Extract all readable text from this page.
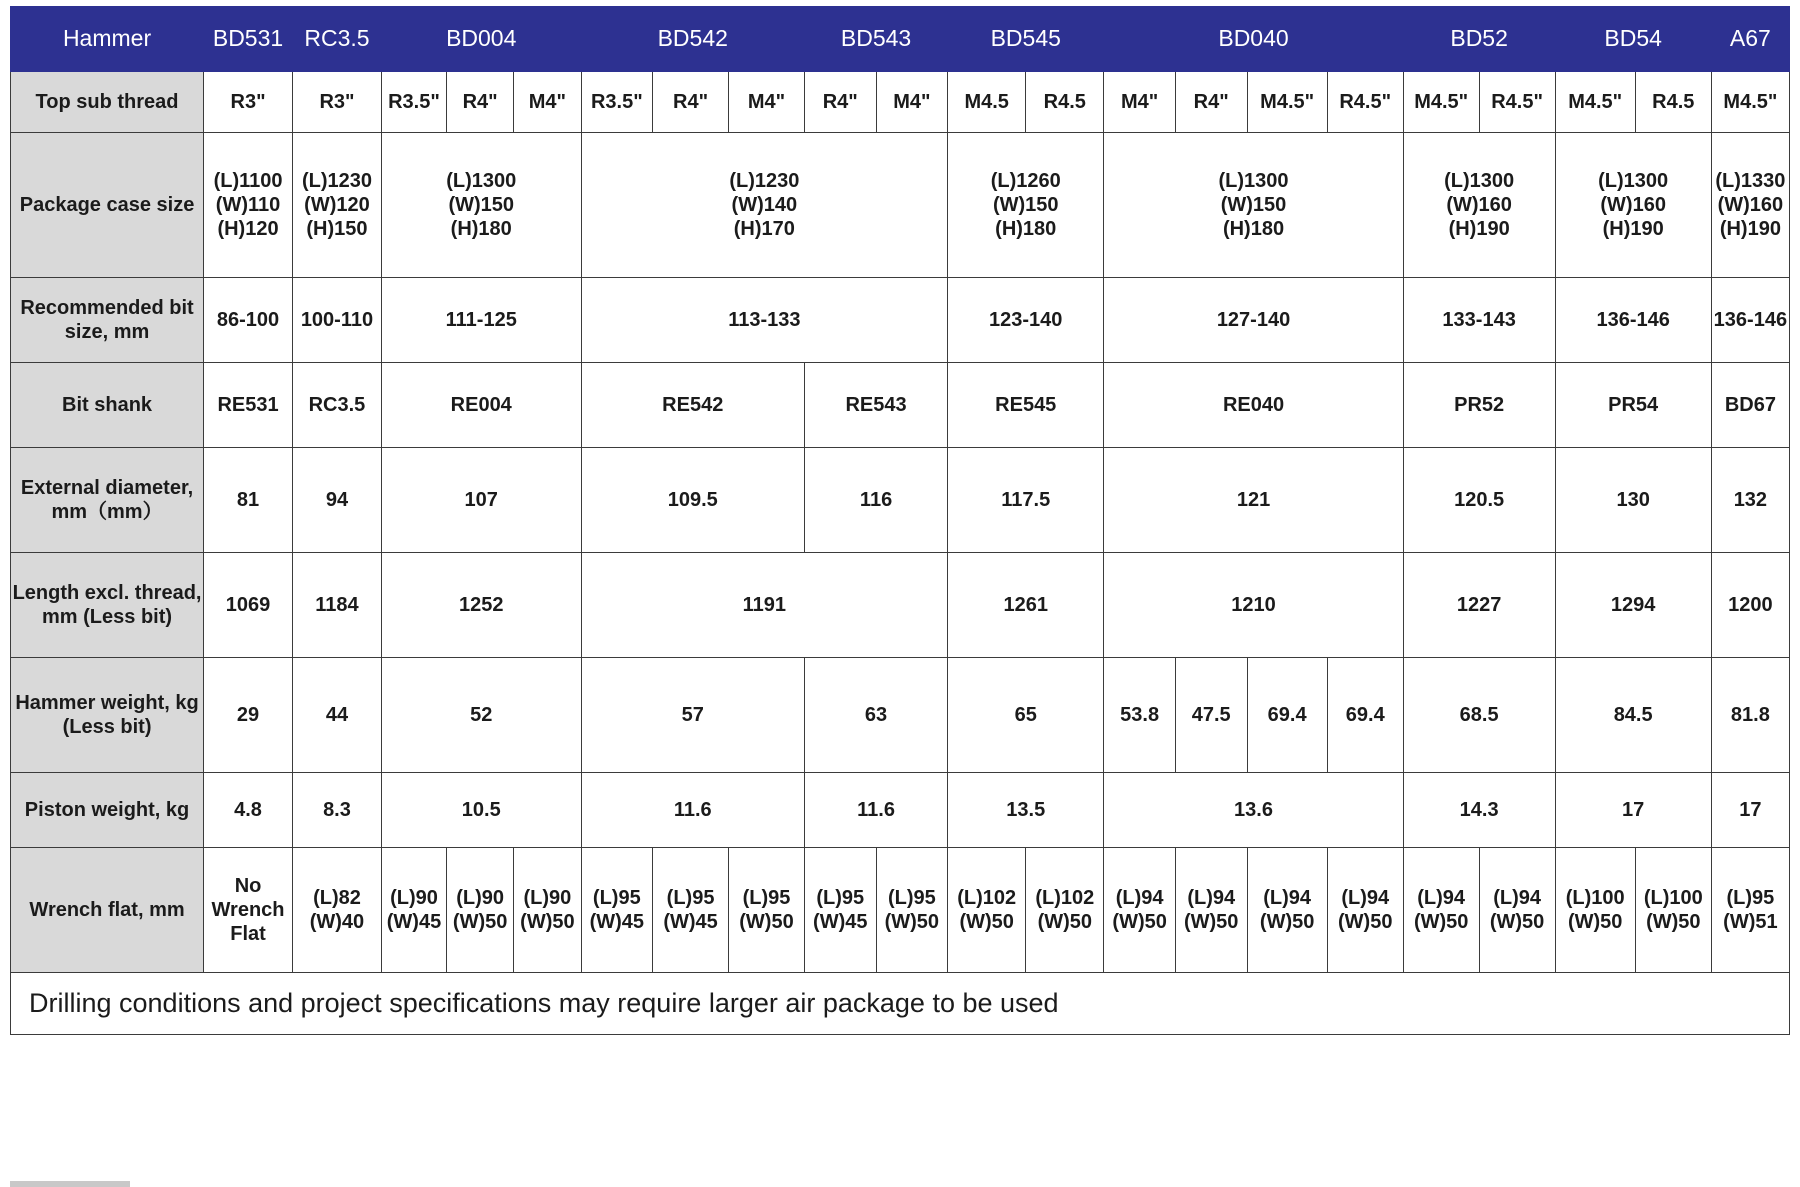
Hammer	BD531	RC3.5	BD004			BD542			BD543		BD545		BD040				BD52		BD54		A67
Top sub thread	R3"	R3"	R3.5"	R4"	M4"	R3.5"	R4"	M4"	R4"	M4"	M4.5	R4.5	M4"	R4"	M4.5"	R4.5"	M4.5"	R4.5"	M4.5"	R4.5	M4.5"
Package case size	(L)1100
(W)110
(H)120	(L)1230
(W)120
(H)150	(L)1300
(W)150
(H)180			(L)1230
(W)140
(H)170					(L)1260
(W)150
(H)180		(L)1300
(W)150
(H)180				(L)1300
(W)160
(H)190		(L)1300
(W)160
(H)190		(L)1330
(W)160
(H)190
Recommended bit size, mm	86-100	100-110	111-125			113-133					123-140		127-140				133-143		136-146		136-146
Bit shank	RE531	RC3.5	RE004			RE542			RE543		RE545		RE040				PR52		PR54		BD67
External diameter, mm（mm）	81	94	107			109.5			116		117.5		121				120.5		130		132
Length excl. thread, mm (Less bit)	1069	1184	1252			1191					1261		1210				1227		1294		1200
Hammer weight, kg (Less bit)	29	44	52			57			63		65		53.8	47.5	69.4	69.4	68.5		84.5		81.8
Piston weight, kg	4.8	8.3	10.5			11.6			11.6		13.5		13.6				14.3		17		17
Wrench flat, mm	No
Wrench
Flat	(L)82
(W)40	(L)90
(W)45	(L)90
(W)50	(L)90
(W)50	(L)95
(W)45	(L)95
(W)45	(L)95
(W)50	(L)95
(W)45	(L)95
(W)50	(L)102
(W)50	(L)102
(W)50	(L)94
(W)50	(L)94
(W)50	(L)94
(W)50	(L)94
(W)50	(L)94
(W)50	(L)94
(W)50	(L)100
(W)50	(L)100
(W)50	(L)95
(W)51
Drilling conditions and project specifications may require larger air package to be used
